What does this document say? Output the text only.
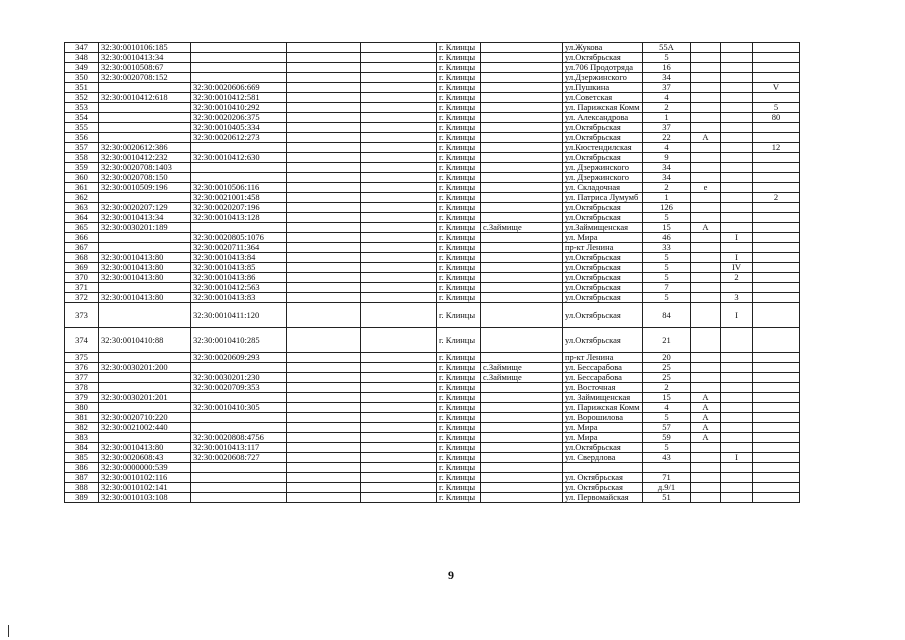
347	32:30:0010106:185				г. Клинцы		ул.Жукова	55А			
348	32:30:0010413:34				г. Клинцы		ул.Октябрьская	5			
349	32:30:0010508:67				г. Клинцы		ул.706 Продотряда	16			
350	32:30:0020708:152				г. Клинцы		ул.Дзержинского	34			
351		32:30:0020606:669			г. Клинцы		ул.Пушкина	37			V
352	32:30:0010412:618	32:30:0010412:581			г. Клинцы		ул.Советская	4			
353		32:30:0010410:292			г. Клинцы		ул. Парижская Комм	2			5
354		32:30:0020206:375			г. Клинцы		ул. Александрова	1			80
355		32:30:0010405:334			г. Клинцы		ул.Октябрьская	37			
356		32:30:0020612:273			г. Клинцы		ул.Октябрьская	22	А		
357	32:30:0020612:386				г. Клинцы		ул.Кюстендилская	4			12
358	32:30:0010412:232	32:30:0010412:630			г. Клинцы		ул.Октябрьская	9			
359	32:30:0020708:1403				г. Клинцы		ул. Дзержинского	34			
360	32:30:0020708:150				г. Клинцы		ул. Дзержинского	34			
361	32:30:0010509:196	32:30:0010506:116			г. Клинцы		ул. Складочная	2	е		
362		32:30:0021001:458			г. Клинцы		ул. Патриса Лумумб	1			2
363	32:30:0020207:129	32:30:0020207:196			г. Клинцы		ул.Октябрьская	126			
364	32:30:0010413:34	32:30:0010413:128			г. Клинцы		ул.Октябрьская	5			
365	32:30:0030201:189				г. Клинцы	с.Займище	ул.Займищенская	15	А		
366		32:30:0020805:1076			г. Клинцы		ул. Мира	46		I	
367		32:30:0020711:364			г. Клинцы		пр-кт Ленина	33			
368	32:30:0010413:80	32:30:0010413:84			г. Клинцы		ул.Октябрьская	5		I	
369	32:30:0010413:80	32:30:0010413:85			г. Клинцы		ул.Октябрьская	5		IV	
370	32:30:0010413:80	32:30:0010413:86			г. Клинцы		ул.Октябрьская	5		2	
371		32:30:0010412:563			г. Клинцы		ул.Октябрьская	7			
372	32:30:0010413:80	32:30:0010413:83			г. Клинцы		ул.Октябрьская	5		3	
373		32:30:0010411:120			г. Клинцы		ул.Октябрьская	84		I	
374	32:30:0010410:88	32:30:0010410:285			г. Клинцы		ул.Октябрьская	21			
375		32:30:0020609:293			г. Клинцы		пр-кт Ленина	20			
376	32:30:0030201:200				г. Клинцы	с.Займище	ул. Бессарабова	25			
377		32:30:0030201:230			г. Клинцы	с.Займище	ул. Бессарабова	25			
378		32:30:0020709:353			г. Клинцы		ул. Восточная	2			
379	32:30:0030201:201				г. Клинцы		ул. Займищенская	15	А		
380		32:30:0010410:305			г. Клинцы		ул. Парижская Комм	4	А		
381	32:30:0020710:220				г. Клинцы		ул. Ворошилова	5	А		
382	32:30:0021002:440				г. Клинцы		ул. Мира	57	А		
383		32:30:0020808:4756			г. Клинцы		ул. Мира	59	А		
384	32:30:0010413:80	32:30:0010413:117			г. Клинцы		ул.Октябрьская	5			
385	32:30:0020608:43	32:30:0020608:727			г. Клинцы		ул. Свердлова	43		I	
386	32:30:0000000:539				г. Клинцы						
387	32:30:0010102:116				г. Клинцы		ул. Октябрьская	71			
388	32:30:0010102:141				г. Клинцы		ул. Октябрьская	д.9/1			
389	32:30:0010103:108				г. Клинцы		ул. Первомайская	51			
9
